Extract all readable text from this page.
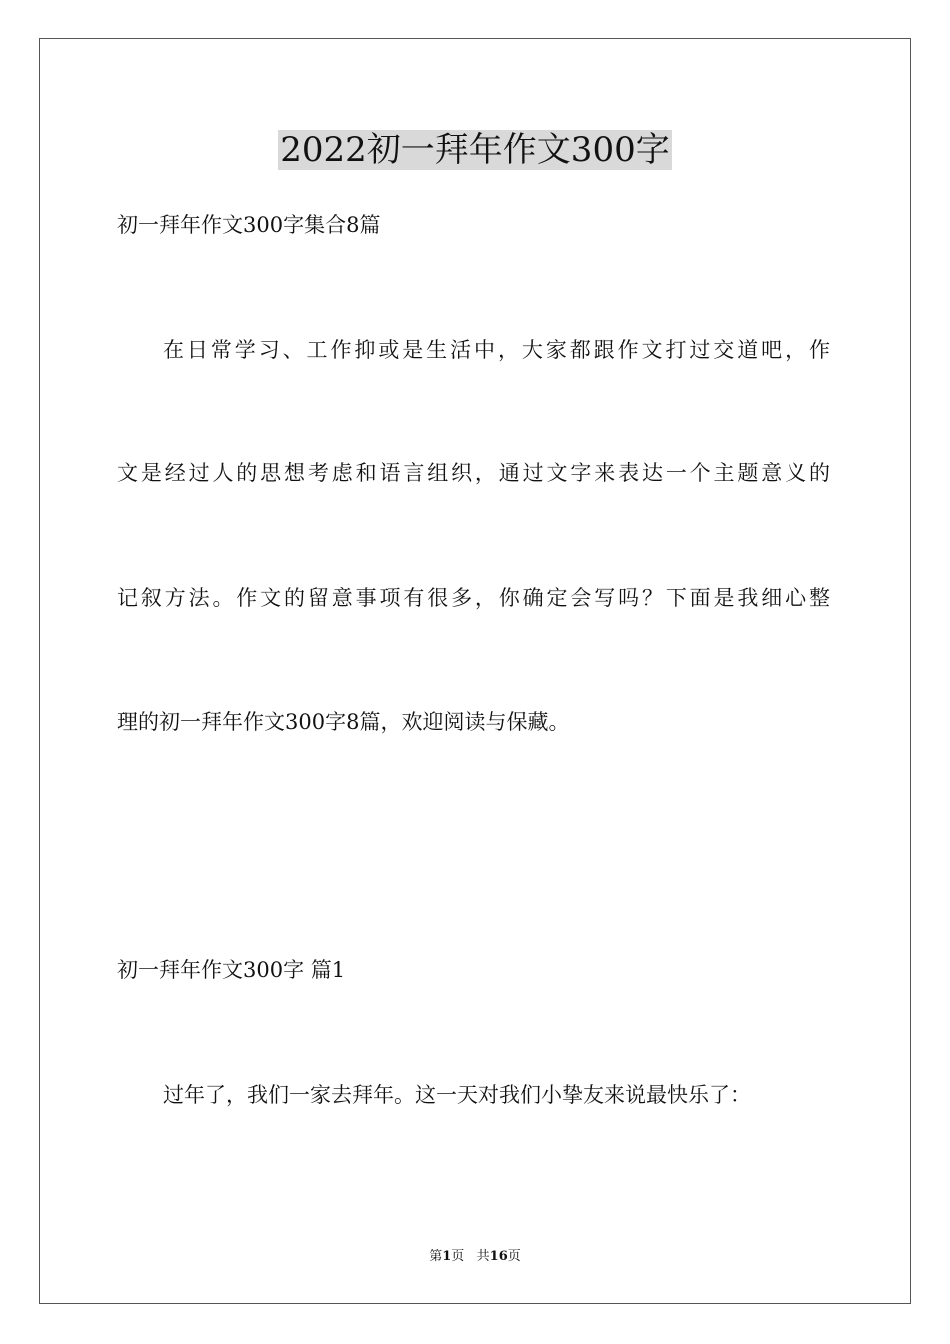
2022初一拜年作文300字

初一拜年作文300字集合8篇

在日常学习、工作抑或是生活中，大家都跟作文打过交道吧，作

文是经过人的思想考虑和语言组织，通过文字来表达一个主题意义的

记叙方法。作文的留意事项有很多，你确定会写吗？下面是我细心整

理的初一拜年作文300字8篇，欢迎阅读与保藏。

初一拜年作文300字 篇1

过年了，我们一家去拜年。这一天对我们小挚友来说最快乐了：

第1页   共16页
